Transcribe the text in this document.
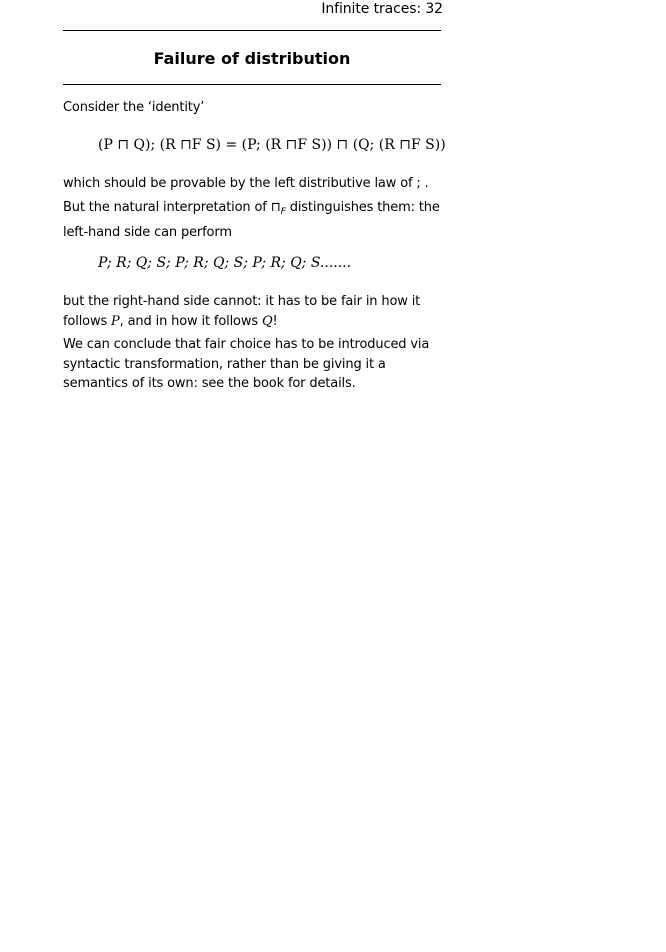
Infinite traces: 32
Failure of distribution
Consider the ‘identity’
(P ⊓ Q); (R ⊓F S) = (P; (R ⊓F S)) ⊓ (Q; (R ⊓F S))
which should be provable by the left distributive law of ; .
But the natural interpretation of $⊓_F$ distinguishes them: the left-hand side can perform
P; R; Q; S; P; R; Q; S; P; R; Q; S.......
but the right-hand side cannot: it has to be fair in how it follows P, and in how it follows Q!
We can conclude that fair choice has to be introduced via syntactic transformation, rather than be giving it a semantics of its own: see the book for details.
